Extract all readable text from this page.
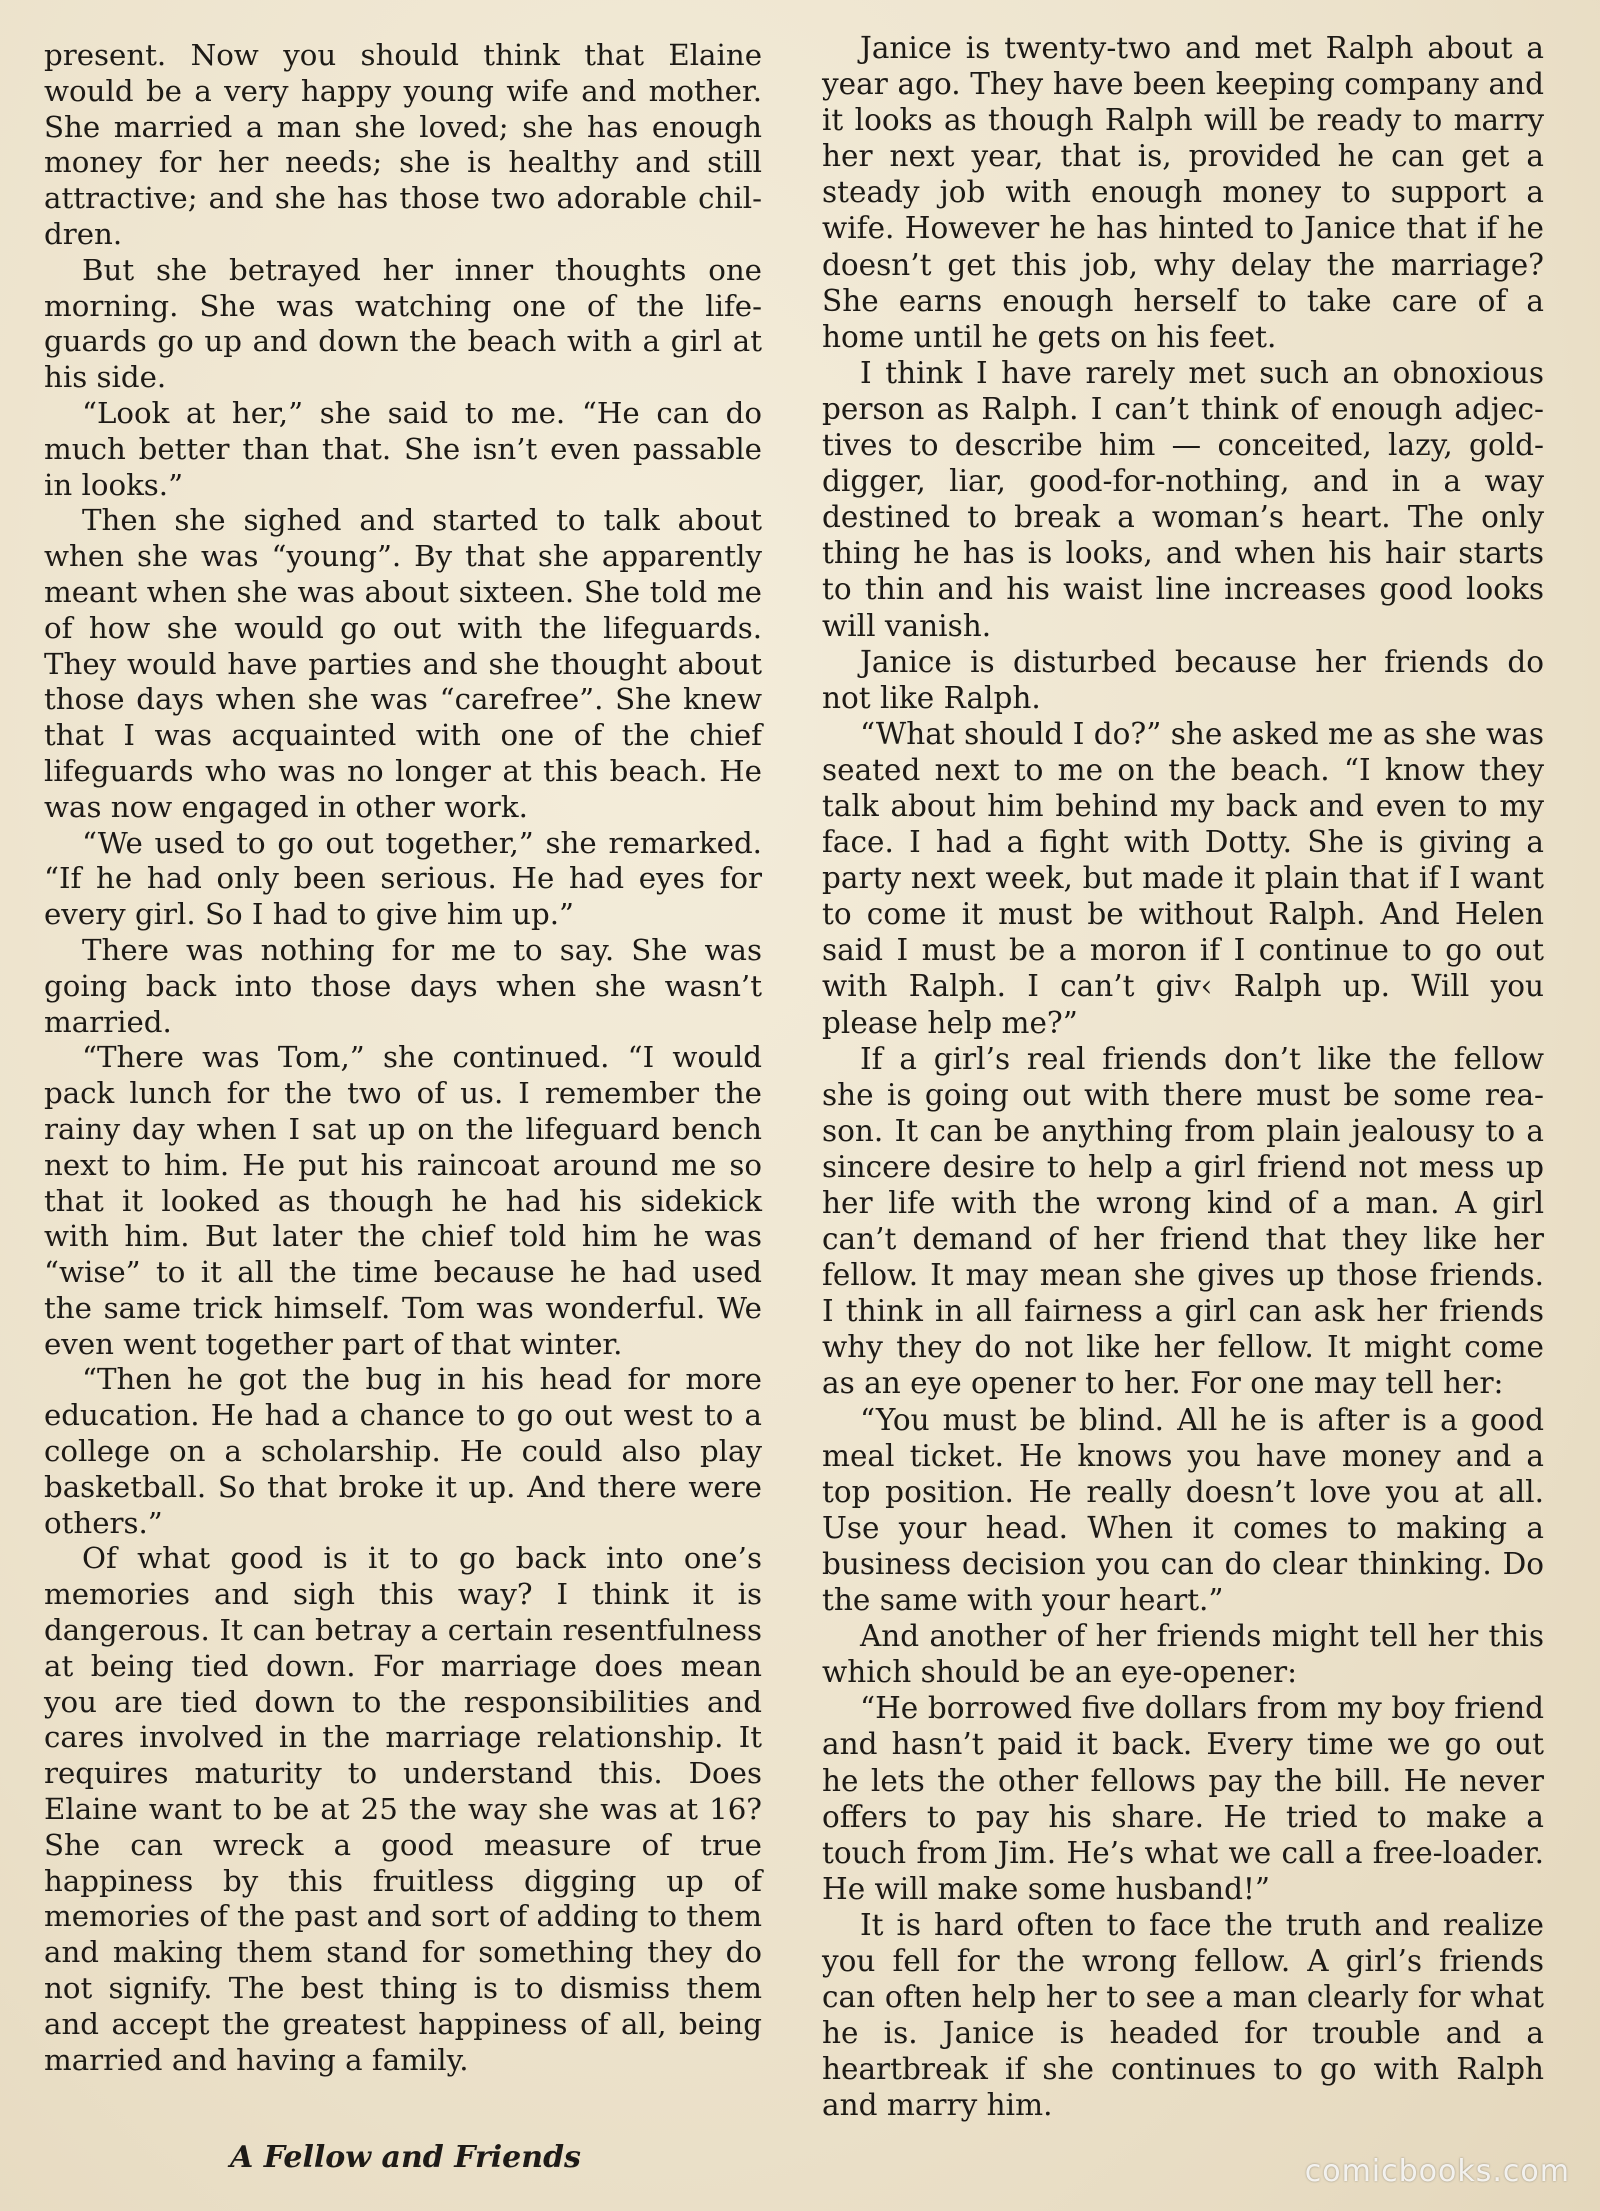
present. Now you should think that Elaine would be a very happy young wife and mother. She married a man she loved; she has enough money for her needs; she is healthy and still attractive; and she has those two adorable children.

But she betrayed her inner thoughts one morning. She was watching one of the lifeguards go up and down the beach with a girl at his side.

“Look at her,” she said to me. “He can do much better than that. She isn’t even passable in looks.”

Then she sighed and started to talk about when she was “young”. By that she apparently meant when she was about sixteen. She told me of how she would go out with the lifeguards. They would have parties and she thought about those days when she was “carefree”. She knew that I was acquainted with one of the chief lifeguards who was no longer at this beach. He was now engaged in other work.

“We used to go out together,” she remarked. “If he had only been serious. He had eyes for every girl. So I had to give him up.”

There was nothing for me to say. She was going back into those days when she wasn’t married.

“There was Tom,” she continued. “I would pack lunch for the two of us. I remember the rainy day when I sat up on the lifeguard bench next to him. He put his raincoat around me so that it looked as though he had his sidekick with him. But later the chief told him he was “wise” to it all the time because he had used the same trick himself. Tom was wonderful. We even went together part of that winter.

“Then he got the bug in his head for more education. He had a chance to go out west to a college on a scholarship. He could also play basketball. So that broke it up. And there were others.”

Of what good is it to go back into one’s memories and sigh this way? I think it is dangerous. It can betray a certain resentfulness at being tied down. For marriage does mean you are tied down to the responsibilities and cares involved in the marriage relationship. It requires maturity to understand this. Does Elaine want to be at 25 the way she was at 16? She can wreck a good measure of true happiness by this fruitless digging up of memories of the past and sort of adding to them and making them stand for something they do not signify. The best thing is to dismiss them and accept the greatest happiness of all, being married and having a family.

Janice is twenty-two and met Ralph about a year ago. They have been keeping company and it looks as though Ralph will be ready to marry her next year, that is, provided he can get a steady job with enough money to support a wife. However he has hinted to Janice that if he doesn’t get this job, why delay the marriage? She earns enough herself to take care of a home until he gets on his feet.

I think I have rarely met such an obnoxious person as Ralph. I can’t think of enough adjectives to describe him — conceited, lazy, gold-digger, liar, good-for-nothing, and in a way destined to break a woman’s heart. The only thing he has is looks, and when his hair starts to thin and his waist line increases good looks will vanish.

Janice is disturbed because her friends do not like Ralph.

“What should I do?” she asked me as she was seated next to me on the beach. “I know they talk about him behind my back and even to my face. I had a fight with Dotty. She is giving a party next week, but made it plain that if I want to come it must be without Ralph. And Helen said I must be a moron if I continue to go out with Ralph. I can’t giv‹ Ralph up. Will you please help me?”

If a girl’s real friends don’t like the fellow she is going out with there must be some reason. It can be anything from plain jealousy to a sincere desire to help a girl friend not mess up her life with the wrong kind of a man. A girl can’t demand of her friend that they like her fellow. It may mean she gives up those friends. I think in all fairness a girl can ask her friends why they do not like her fellow. It might come as an eye opener to her. For one may tell her:

“You must be blind. All he is after is a good meal ticket. He knows you have money and a top position. He really doesn’t love you at all. Use your head. When it comes to making a business decision you can do clear thinking. Do the same with your heart.”

And another of her friends might tell her this which should be an eye-opener:

“He borrowed five dollars from my boy friend and hasn’t paid it back. Every time we go out he lets the other fellows pay the bill. He never offers to pay his share. He tried to make a touch from Jim. He’s what we call a free-loader. He will make some husband!”

It is hard often to face the truth and realize you fell for the wrong fellow. A girl’s friends can often help her to see a man clearly for what he is. Janice is headed for trouble and a heartbreak if she continues to go with Ralph and marry him.

A Fellow and Friends	comicbooks.com
